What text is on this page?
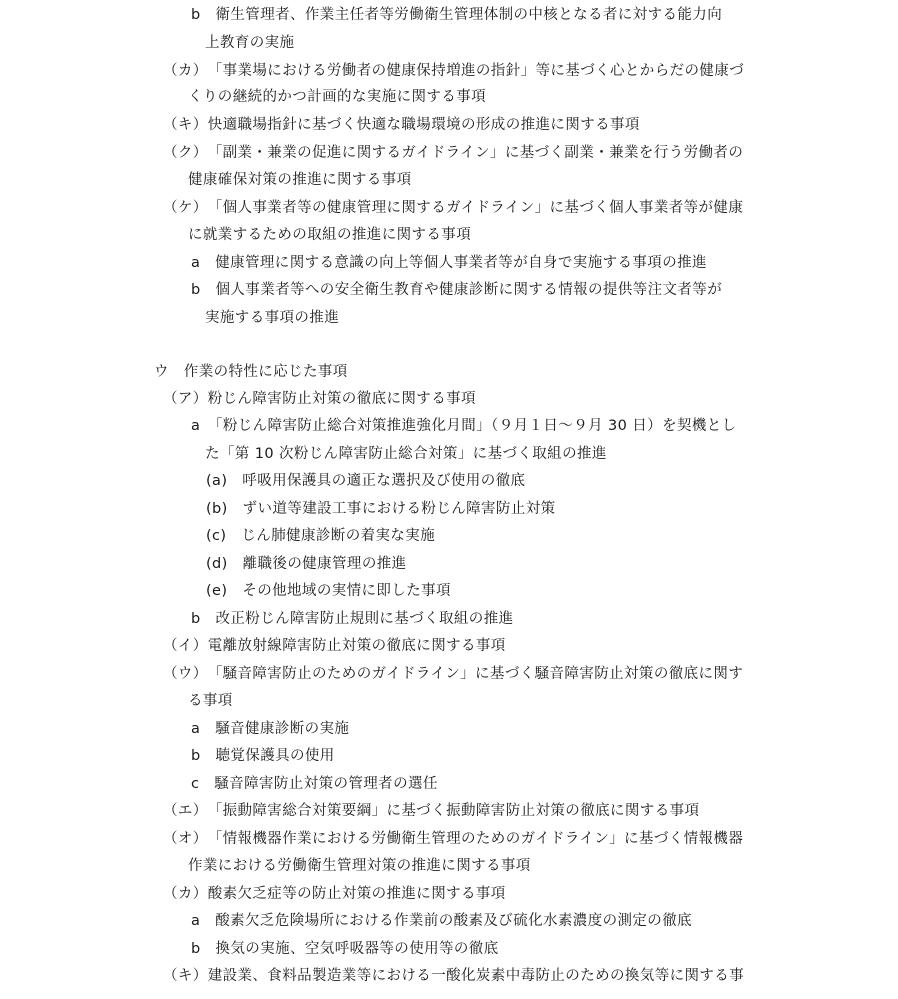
b　衛生管理者、作業主任者等労働衛生管理体制の中核となる者に対する能力向
上教育の実施
（カ）「事業場における労働者の健康保持増進の指針」等に基づく心とからだの健康づ
くりの継続的かつ計画的な実施に関する事項
（キ）快適職場指針に基づく快適な職場環境の形成の推進に関する事項
（ク）「副業・兼業の促進に関するガイドライン」に基づく副業・兼業を行う労働者の
健康確保対策の推進に関する事項
（ケ）「個人事業者等の健康管理に関するガイドライン」に基づく個人事業者等が健康
に就業するための取組の推進に関する事項
a　健康管理に関する意識の向上等個人事業者等が自身で実施する事項の推進
b　個人事業者等への安全衛生教育や健康診断に関する情報の提供等注文者等が
実施する事項の推進
ウ　作業の特性に応じた事項
（ア）粉じん障害防止対策の徹底に関する事項
a　「粉じん障害防止総合対策推進強化月間」（９月１日～９月 30 日）を契機とし
た「第 10 次粉じん障害防止総合対策」に基づく取組の推進
(a)　呼吸用保護具の適正な選択及び使用の徹底
(b)　ずい道等建設工事における粉じん障害防止対策
(c)　じん肺健康診断の着実な実施
(d)　離職後の健康管理の推進
(e)　その他地域の実情に即した事項
b　改正粉じん障害防止規則に基づく取組の推進
（イ）電離放射線障害防止対策の徹底に関する事項
（ウ）「騒音障害防止のためのガイドライン」に基づく騒音障害防止対策の徹底に関す
る事項
a　騒音健康診断の実施
b　聴覚保護具の使用
c　騒音障害防止対策の管理者の選任
（エ）「振動障害総合対策要綱」に基づく振動障害防止対策の徹底に関する事項
（オ）「情報機器作業における労働衛生管理のためのガイドライン」に基づく情報機器
作業における労働衛生管理対策の推進に関する事項
（カ）酸素欠乏症等の防止対策の推進に関する事項
a　酸素欠乏危険場所における作業前の酸素及び硫化水素濃度の測定の徹底
b　換気の実施、空気呼吸器等の使用等の徹底
（キ）建設業、食料品製造業等における一酸化炭素中毒防止のための換気等に関する事
